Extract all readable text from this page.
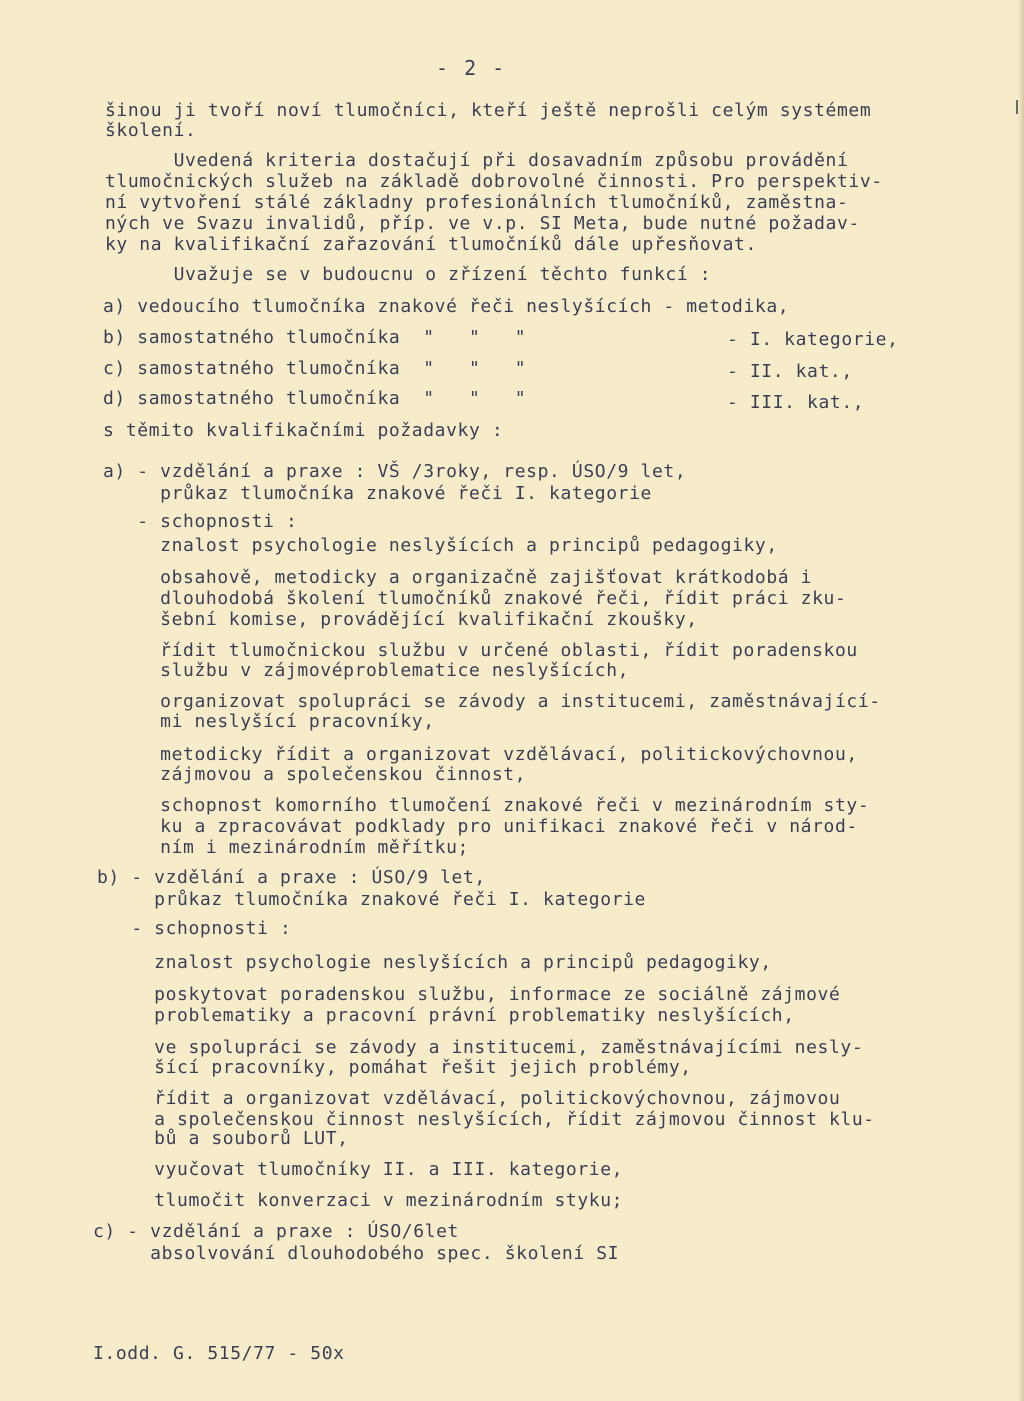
- 2 -
šinou ji tvoří noví tlumočníci, kteří ještě neprošli celým systémem
školení.
Uvedená kriteria dostačují při dosavadním způsobu provádění
tlumočnických služeb na základě dobrovolné činnosti. Pro perspektiv-
ní vytvoření stálé základny profesionálních tlumočníků, zaměstna-
ných ve Svazu invalidů, příp. ve v.p. SI Meta, bude nutné požadav-
ky na kvalifikační zařazování tlumočníků dále upřesňovat.
Uvažuje se v budoucnu o zřízení těchto funkcí :
a) vedoucího tlumočníka znakové řeči neslyšících - metodika,
b) samostatného tlumočníka  "   "   "	- I. kategorie,
c) samostatného tlumočníka  "   "   "	- II. kat.,
d) samostatného tlumočníka  "   "   "	- III. kat.,
s těmito kvalifikačními požadavky :
a) - vzdělání a praxe : VŠ /3roky, resp. ÚSO/9 let,
průkaz tlumočníka znakové řeči I. kategorie
- schopnosti :
znalost psychologie neslyšících a principů pedagogiky,
obsahově, metodicky a organizačně zajišťovat krátkodobá i
dlouhodobá školení tlumočníků znakové řeči, řídit práci zku-
šební komise, provádějící kvalifikační zkoušky,
řídit tlumočnickou službu v určené oblasti, řídit poradenskou
službu v zájmovéproblematice neslyšících,
organizovat spolupráci se závody a institucemi, zaměstnávající-
mi neslyšící pracovníky,
metodicky řídit a organizovat vzdělávací, politickovýchovnou,
zájmovou a společenskou činnost,
schopnost komorního tlumočení znakové řeči v mezinárodním sty-
ku a zpracovávat podklady pro unifikaci znakové řeči v národ-
ním i mezinárodním měřítku;
b) - vzdělání a praxe : ÚSO/9 let,
průkaz tlumočníka znakové řeči I. kategorie
- schopnosti :
znalost psychologie neslyšících a principů pedagogiky,
poskytovat poradenskou službu, informace ze sociálně zájmové
problematiky a pracovní právní problematiky neslyšících,
ve spolupráci se závody a institucemi, zaměstnávajícími nesly-
šící pracovníky, pomáhat řešit jejich problémy,
řídit a organizovat vzdělávací, politickovýchovnou, zájmovou
a společenskou činnost neslyšících, řídit zájmovou činnost klu-
bů a souborů LUT,
vyučovat tlumočníky II. a III. kategorie,
tlumočit konverzaci v mezinárodním styku;
c) - vzdělání a praxe : ÚSO/6let
absolvování dlouhodobého spec. školení SI
I.odd. G. 515/77 - 50x
